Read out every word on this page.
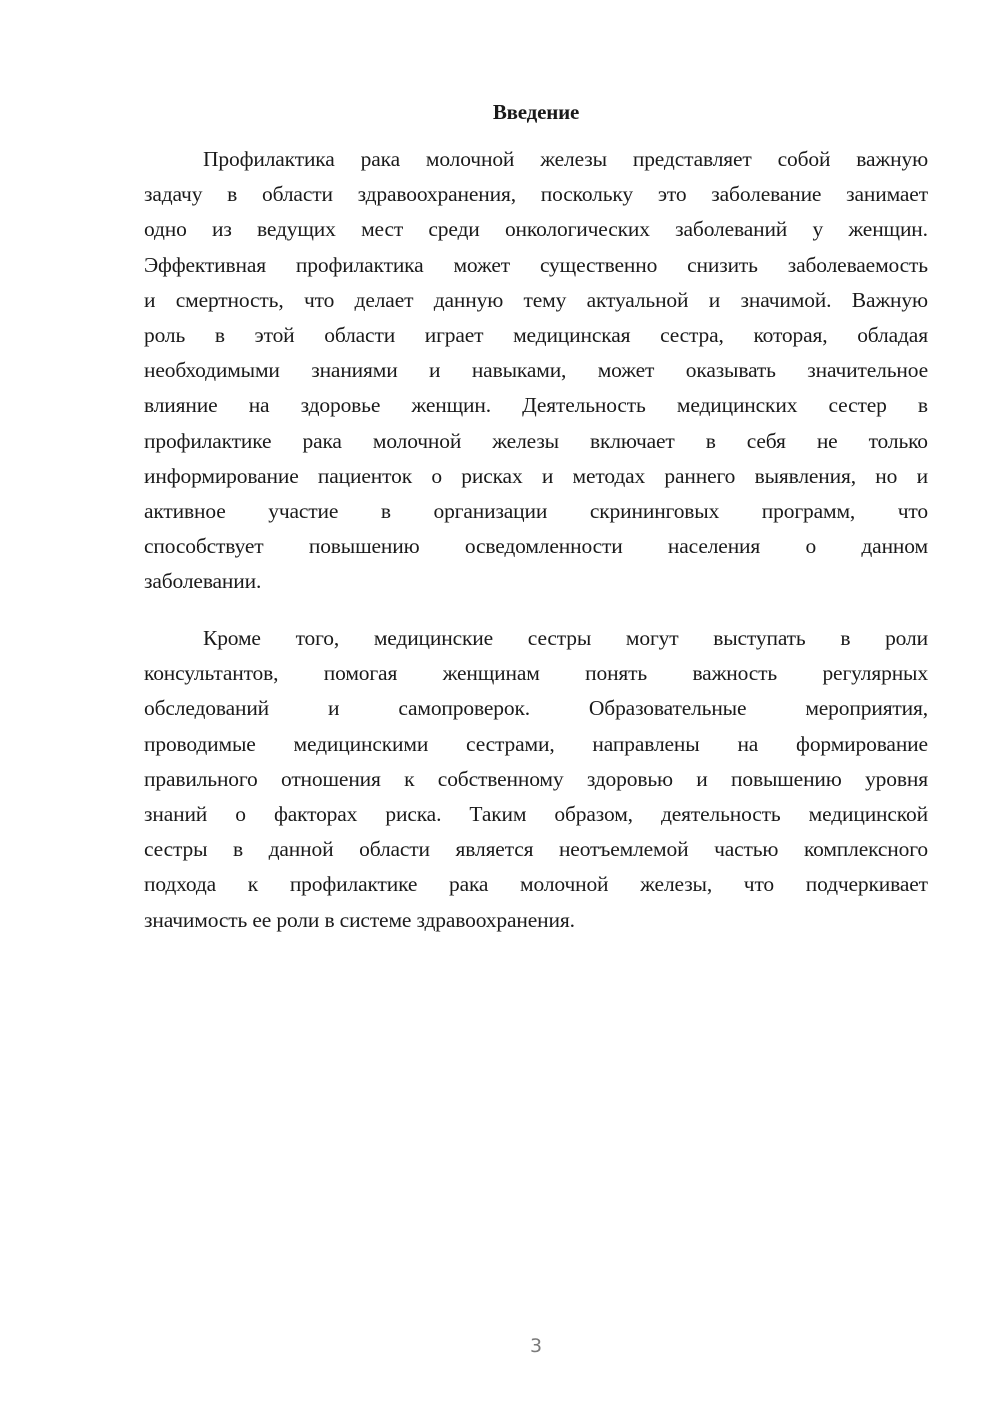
Введение
Профилактика рака молочной железы представляет собой важную
задачу в области здравоохранения, поскольку это заболевание занимает
одно из ведущих мест среди онкологических заболеваний у женщин.
Эффективная профилактика может существенно снизить заболеваемость
и смертность, что делает данную тему актуальной и значимой. Важную
роль в этой области играет медицинская сестра, которая, обладая
необходимыми знаниями и навыками, может оказывать значительное
влияние на здоровье женщин. Деятельность медицинских сестер в
профилактике рака молочной железы включает в себя не только
информирование пациенток о рисках и методах раннего выявления, но и
активное участие в организации скрининговых программ, что
способствует повышению осведомленности населения о данном
заболевании.
Кроме того, медицинские сестры могут выступать в роли
консультантов, помогая женщинам понять важность регулярных
обследований	и	самопроверок.	Образовательные	мероприятия,
проводимые медицинскими сестрами, направлены на формирование
правильного отношения к собственному здоровью и повышению уровня
знаний о факторах риска. Таким образом, деятельность медицинской
сестры в данной области является неотъемлемой частью комплексного
подхода к профилактике рака молочной железы, что подчеркивает
значимость ее роли в системе здравоохранения.
3
